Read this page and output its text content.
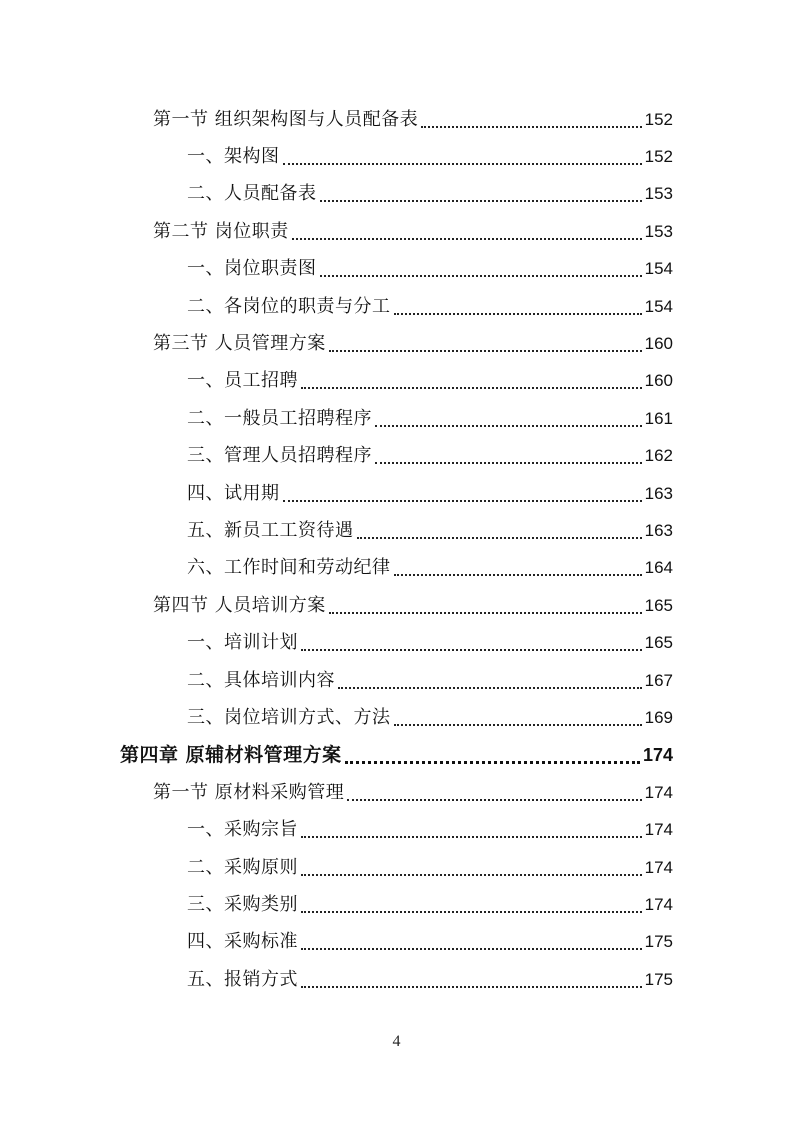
第一节 组织架构图与人员配备表	152
一、架构图	152
二、人员配备表	153
第二节 岗位职责	153
一、岗位职责图	154
二、各岗位的职责与分工	154
第三节 人员管理方案	160
一、员工招聘	160
二、一般员工招聘程序	161
三、管理人员招聘程序	162
四、试用期	163
五、新员工工资待遇	163
六、工作时间和劳动纪律	164
第四节 人员培训方案	165
一、培训计划	165
二、具体培训内容	167
三、岗位培训方式、方法	169
第四章 原辅材料管理方案	174
第一节 原材料采购管理	174
一、采购宗旨	174
二、采购原则	174
三、采购类别	174
四、采购标准	175
五、报销方式	175
4
